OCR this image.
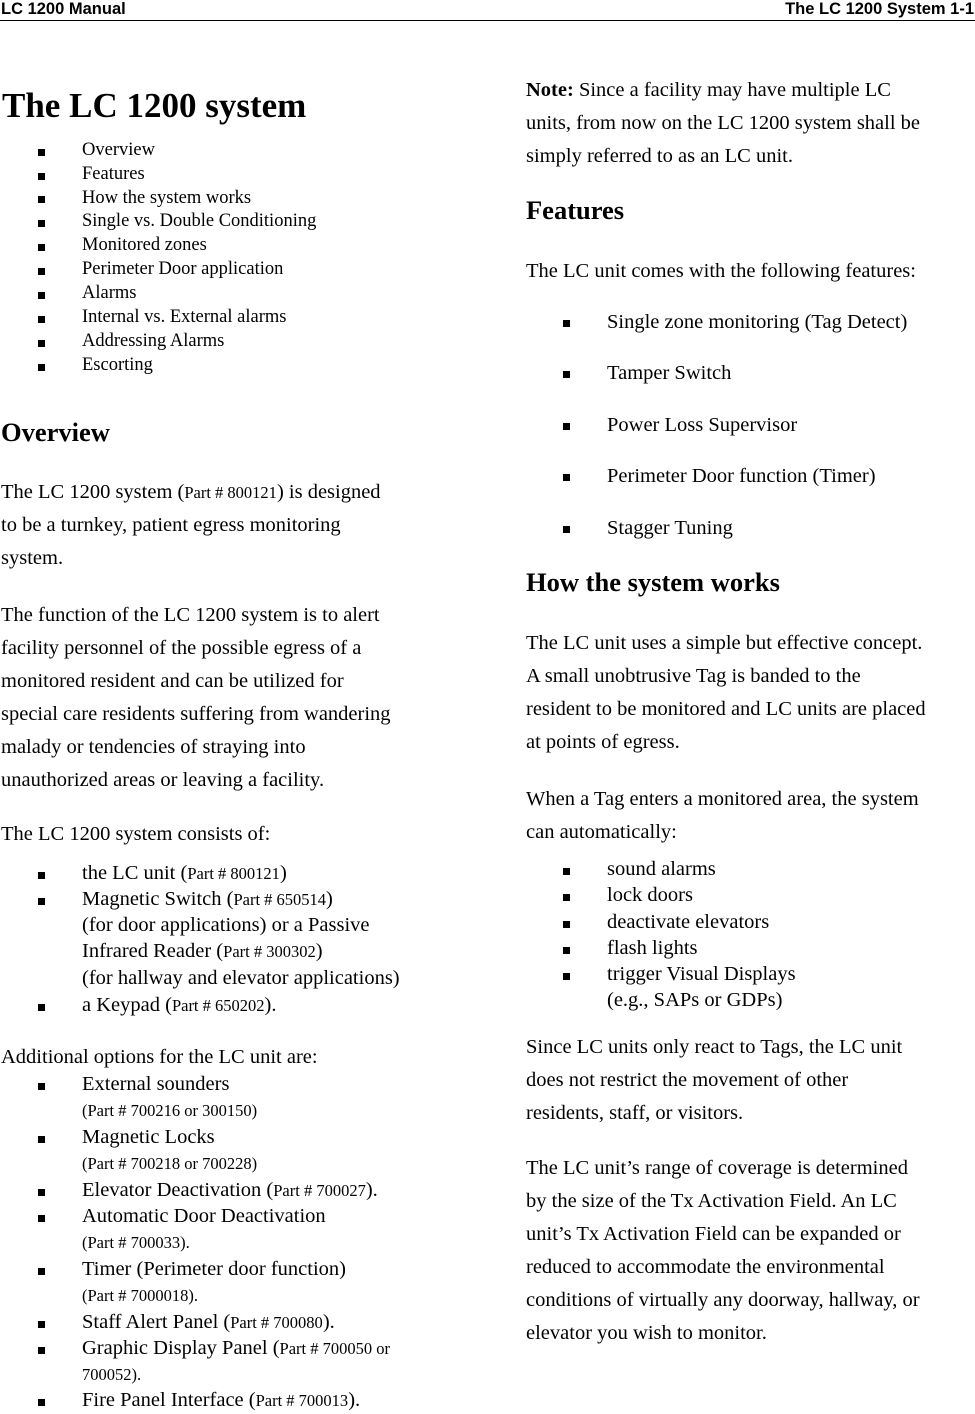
LC 1200 Manual	The LC 1200 System 1-1
The LC 1200 system
Overview
Features
How the system works
Single vs. Double Conditioning
Monitored zones
Perimeter Door application
Alarms
Internal vs. External alarms
Addressing Alarms
Escorting
Overview
The LC 1200 system (Part # 800121) is designed
to be a turnkey, patient egress monitoring
system.
The function of the LC 1200 system is to alert
facility personnel of the possible egress of a
monitored resident and can be utilized for
special care residents suffering from wandering
malady or tendencies of straying into
unauthorized areas or leaving a facility.
The LC 1200 system consists of:
the LC unit (Part # 800121)
Magnetic Switch (Part # 650514)
(for door applications) or a Passive
Infrared Reader (Part # 300302)
(for hallway and elevator applications)
a Keypad (Part # 650202).
Additional options for the LC unit are:
External sounders
(Part # 700216 or 300150)
Magnetic Locks
(Part # 700218 or 700228)
Elevator Deactivation (Part # 700027).
Automatic Door Deactivation
(Part # 700033).
Timer (Perimeter door function)
(Part # 7000018).
Staff Alert Panel (Part # 700080).
Graphic Display Panel (Part # 700050 or
700052).
Fire Panel Interface (Part # 700013).
Note: Since a facility may have multiple LC
units, from now on the LC 1200 system shall be
simply referred to as an LC unit.
Features
The LC unit comes with the following features:
Single zone monitoring (Tag Detect)
Tamper Switch
Power Loss Supervisor
Perimeter Door function (Timer)
Stagger Tuning
How the system works
The LC unit uses a simple but effective concept.
A small unobtrusive Tag is banded to the
resident to be monitored and LC units are placed
at points of egress.
When a Tag enters a monitored area, the system
can automatically:
sound alarms
lock doors
deactivate elevators
flash lights
trigger Visual Displays
(e.g., SAPs or GDPs)
Since LC units only react to Tags, the LC unit
does not restrict the movement of other
residents, staff, or visitors.
The LC unit’s range of coverage is determined
by the size of the Tx Activation Field. An LC
unit’s Tx Activation Field can be expanded or
reduced to accommodate the environmental
conditions of virtually any doorway, hallway, or
elevator you wish to monitor.
